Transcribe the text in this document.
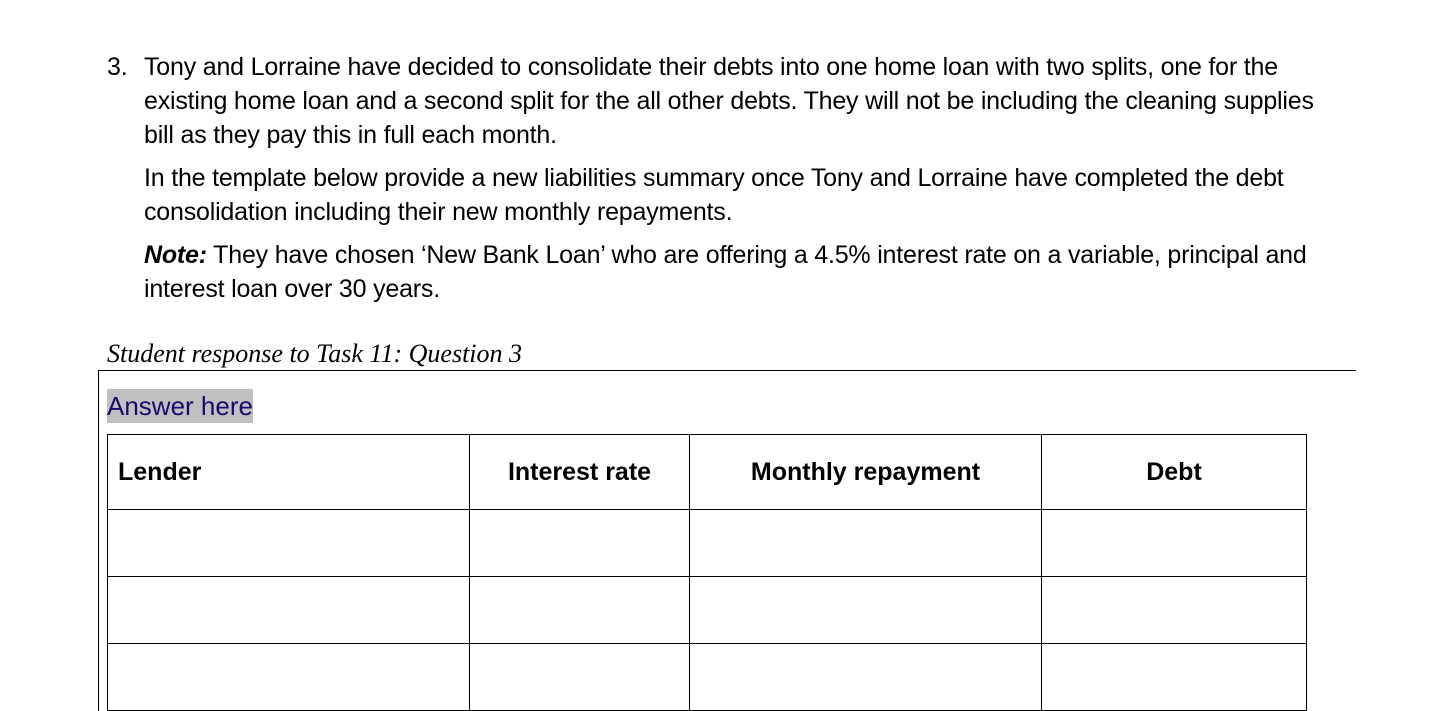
3. Tony and Lorraine have decided to consolidate their debts into one home loan with two splits, one for the existing home loan and a second split for the all other debts. They will not be including the cleaning supplies bill as they pay this in full each month.

In the template below provide a new liabilities summary once Tony and Lorraine have completed the debt consolidation including their new monthly repayments.

Note: They have chosen ‘New Bank Loan’ who are offering a 4.5% interest rate on a variable, principal and interest loan over 30 years.

Student response to Task 11: Question 3
Answer here
Lender	Interest rate	Monthly repayment	Debt
